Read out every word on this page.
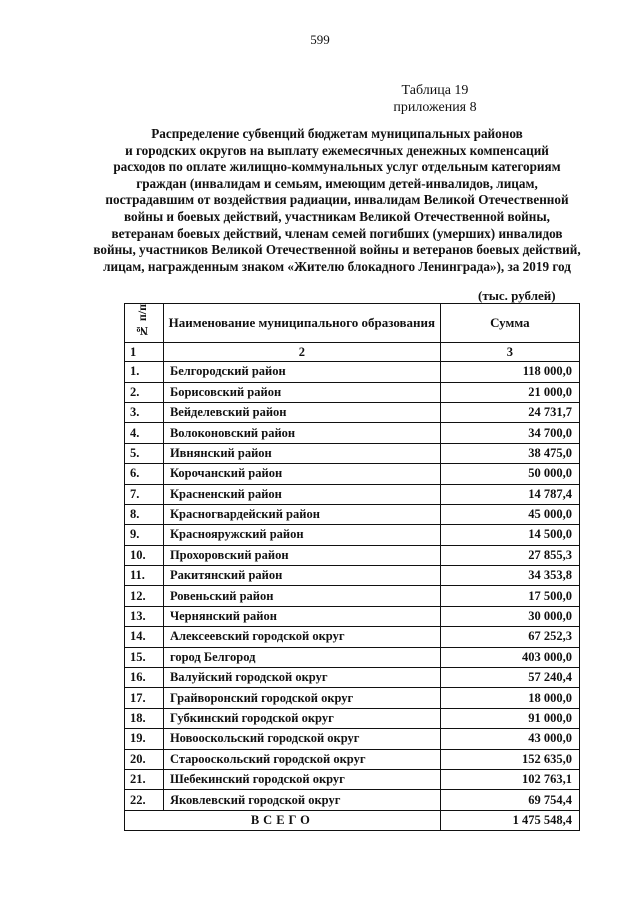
599
Таблица 19
приложения 8
Распределение субвенций бюджетам муниципальных районов
и городских округов на выплату ежемесячных денежных компенсаций
расходов по оплате жилищно-коммунальных услуг отдельным категориям
граждан (инвалидам и семьям, имеющим детей-инвалидов, лицам,
пострадавшим от воздействия радиации, инвалидам Великой Отечественной
войны и боевых действий, участникам Великой Отечественной войны,
ветеранам боевых действий, членам семей погибших (умерших) инвалидов
войны, участников Великой Отечественной войны и ветеранов боевых действий,
лицам, награжденным знаком «Жителю блокадного Ленинграда»), за 2019 год
(тыс. рублей)
№ п/п	Наименование муниципального образования	Сумма
1	2	3
1.	Белгородский район	118 000,0
2.	Борисовский район	21 000,0
3.	Вейделевский район	24 731,7
4.	Волоконовский район	34 700,0
5.	Ивнянский район	38 475,0
6.	Корочанский район	50 000,0
7.	Красненский район	14 787,4
8.	Красногвардейский район	45 000,0
9.	Краснояружский район	14 500,0
10.	Прохоровский район	27 855,3
11.	Ракитянский район	34 353,8
12.	Ровеньский район	17 500,0
13.	Чернянский район	30 000,0
14.	Алексеевский городской округ	67 252,3
15.	город Белгород	403 000,0
16.	Валуйский городской округ	57 240,4
17.	Грайворонский городской округ	18 000,0
18.	Губкинский городской округ	91 000,0
19.	Новооскольский городской округ	43 000,0
20.	Старооскольский городской округ	152 635,0
21.	Шебекинский городской округ	102 763,1
22.	Яковлевский городской округ	69 754,4
ВСЕГО		1 475 548,4
